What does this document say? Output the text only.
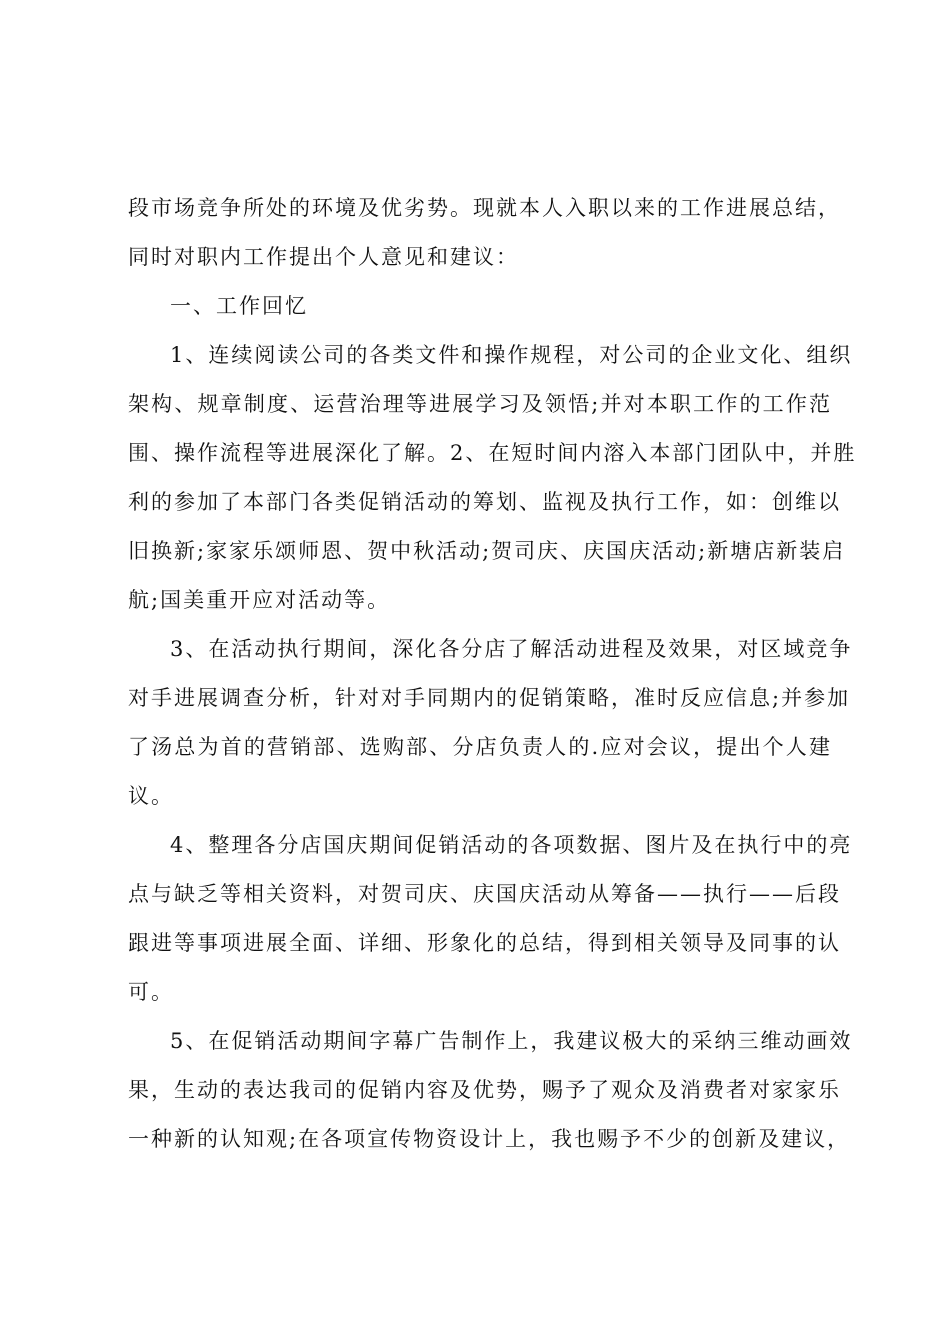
段市场竞争所处的环境及优劣势。现就本人入职以来的工作进展总结，
同时对职内工作提出个人意见和建议：
一、工作回忆
1、连续阅读公司的各类文件和操作规程，对公司的企业文化、组织
架构、规章制度、运营治理等进展学习及领悟;并对本职工作的工作范
围、操作流程等进展深化了解。2、在短时间内溶入本部门团队中，并胜
利的参加了本部门各类促销活动的筹划、监视及执行工作，如：创维以
旧换新;家家乐颂师恩、贺中秋活动;贺司庆、庆国庆活动;新塘店新装启
航;国美重开应对活动等。
3、在活动执行期间，深化各分店了解活动进程及效果，对区域竞争
对手进展调查分析，针对对手同期内的促销策略，准时反应信息;并参加
了汤总为首的营销部、选购部、分店负责人的.应对会议，提出个人建
议。
4、整理各分店国庆期间促销活动的各项数据、图片及在执行中的亮
点与缺乏等相关资料，对贺司庆、庆国庆活动从筹备——执行——后段
跟进等事项进展全面、详细、形象化的总结，得到相关领导及同事的认
可。
5、在促销活动期间字幕广告制作上，我建议极大的采纳三维动画效
果，生动的表达我司的促销内容及优势，赐予了观众及消费者对家家乐
一种新的认知观;在各项宣传物资设计上，我也赐予不少的创新及建议，
